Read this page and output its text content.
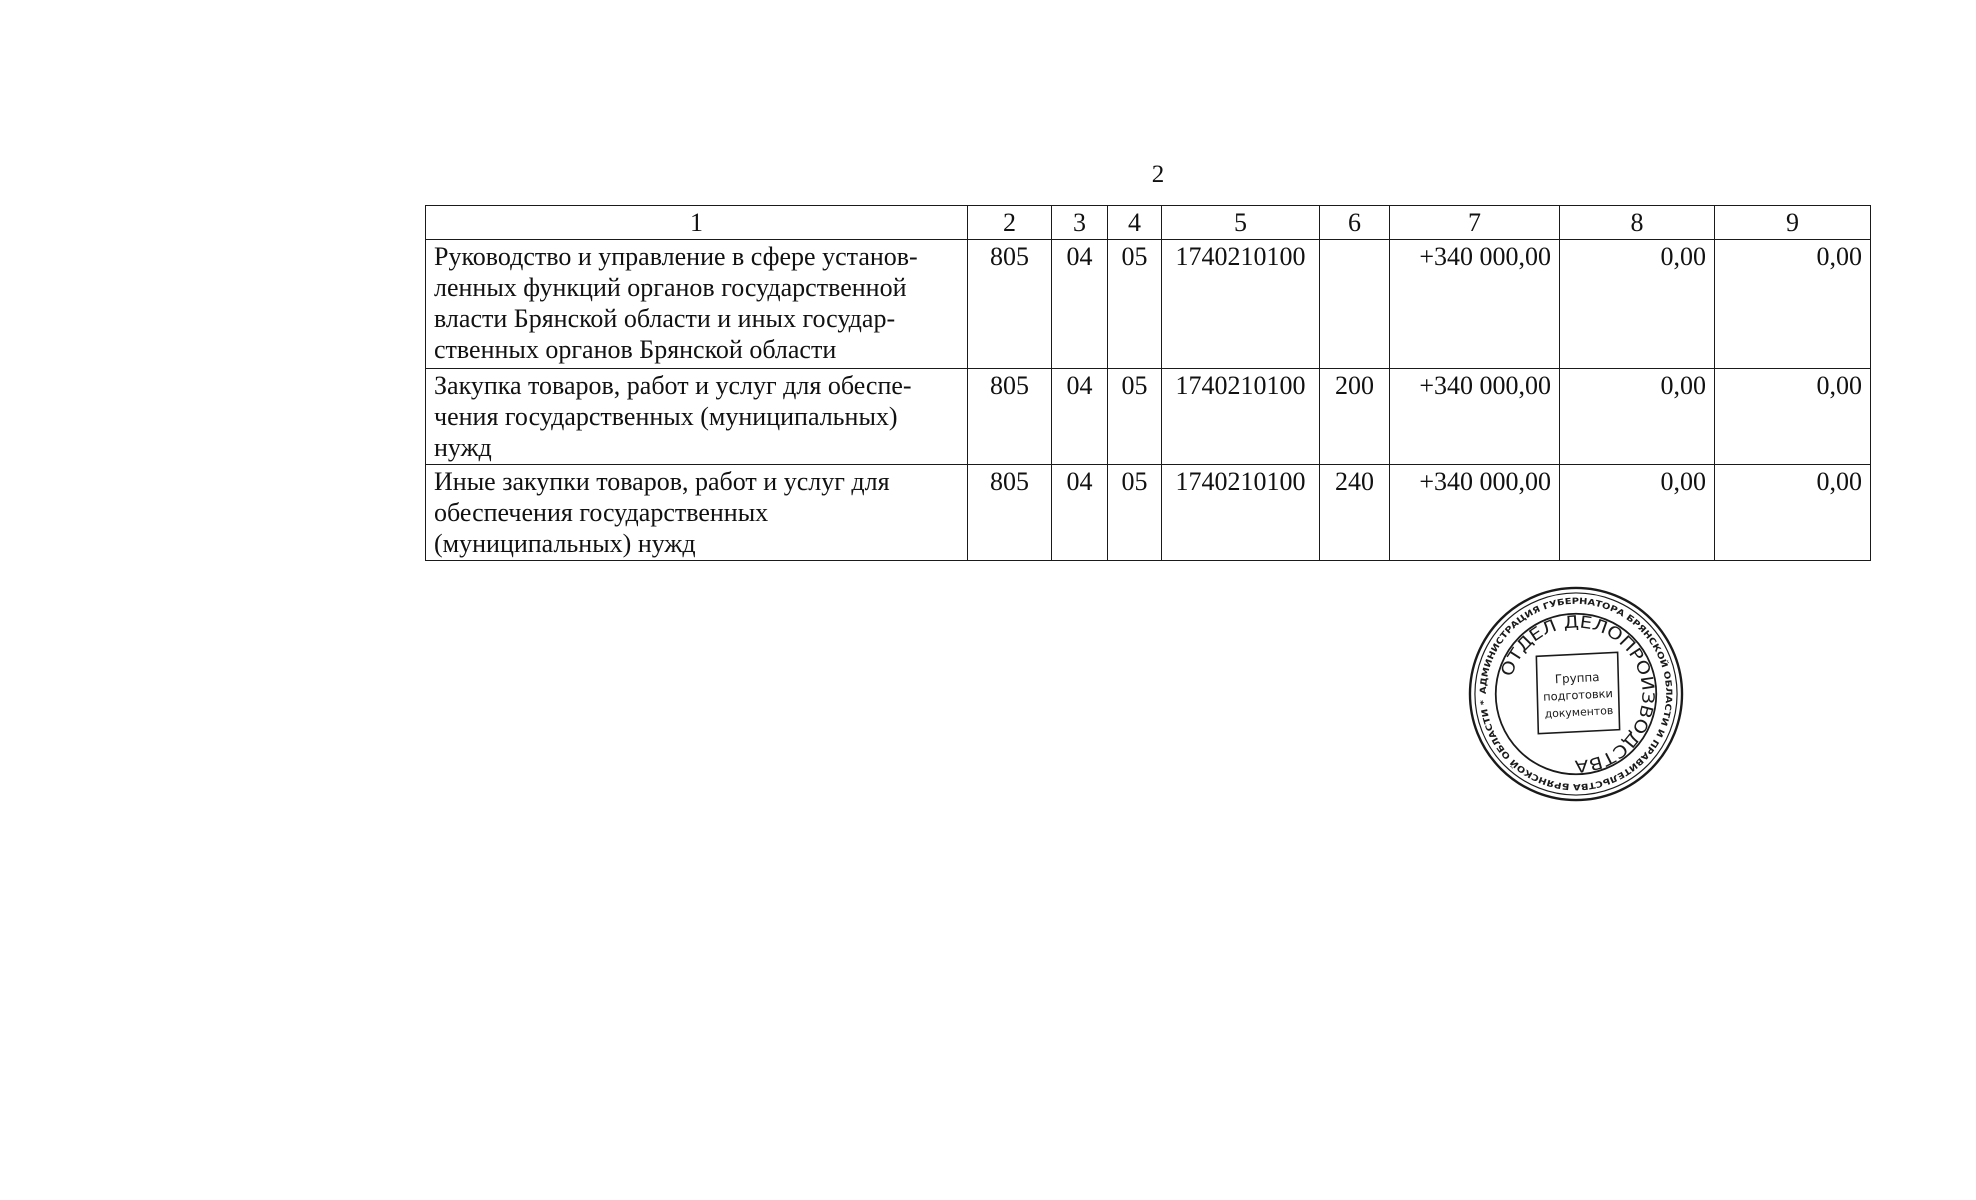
2
1	2	3	4	5	6	7	8	9
Руководство и управление в сфере установ-ленных функций органов государственной власти Брянской области и иных государ-ственных органов Брянской области	805	04	05	1740210100		+340 000,00	0,00	0,00
Закупка товаров, работ и услуг для обеспе-чения государственных (муниципальных) нужд	805	04	05	1740210100	200	+340 000,00	0,00	0,00
Иные закупки товаров, работ и услуг для обеспечения государственных (муниципальных) нужд	805	04	05	1740210100	240	+340 000,00	0,00	0,00
АДМИНИСТРАЦИЯ ГУБЕРНАТОРА БРЯНСКОЙ ОБЛАСТИ И ПРАВИТЕЛЬСТВА БРЯНСКОЙ ОБЛАСТИ *
ОТДЕЛ ДЕЛОПРОИЗВОДСТВА
Группа
подготовки
документов
